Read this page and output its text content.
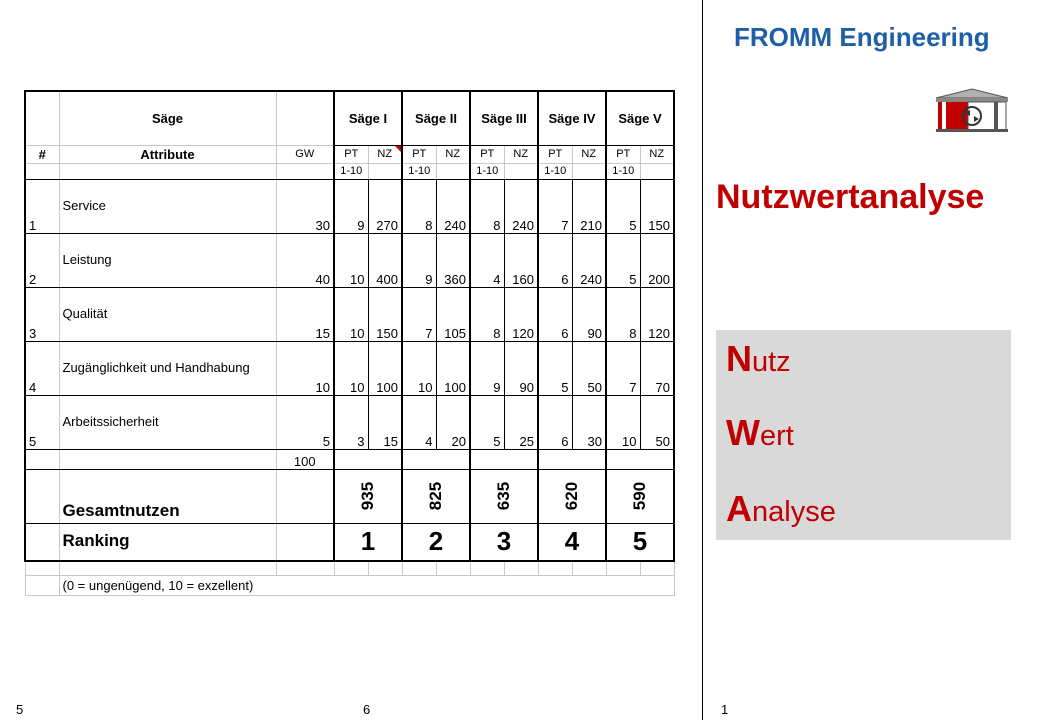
FROMM Engineering
Nutzwertanalyse
Nutz
Wert
Analyse
	Säge		Säge I		Säge II		Säge III		Säge IV		Säge V	
#	Attribute	GW	PT	NZ	PT	NZ	PT	NZ	PT	NZ	PT	NZ
			1-10		1-10		1-10		1-10		1-10	
1	Service	30	9	270	8	240	8	240	7	210	5	150
2	Leistung	40	10	400	9	360	4	160	6	240	5	200
3	Qualität	15	10	150	7	105	8	120	6	90	8	120
4	Zugänglichkeit und Handhabung	10	10	100	10	100	9	90	5	50	7	70
5	Arbeitssicherheit	5	3	15	4	20	5	25	6	30	10	50
		100										
	Gesamtnutzen		935		825		635		620		590	
	Ranking		1		2		3		4		5	

	(0 = ungenügend, 10 = exzellent)											
5	6	1
